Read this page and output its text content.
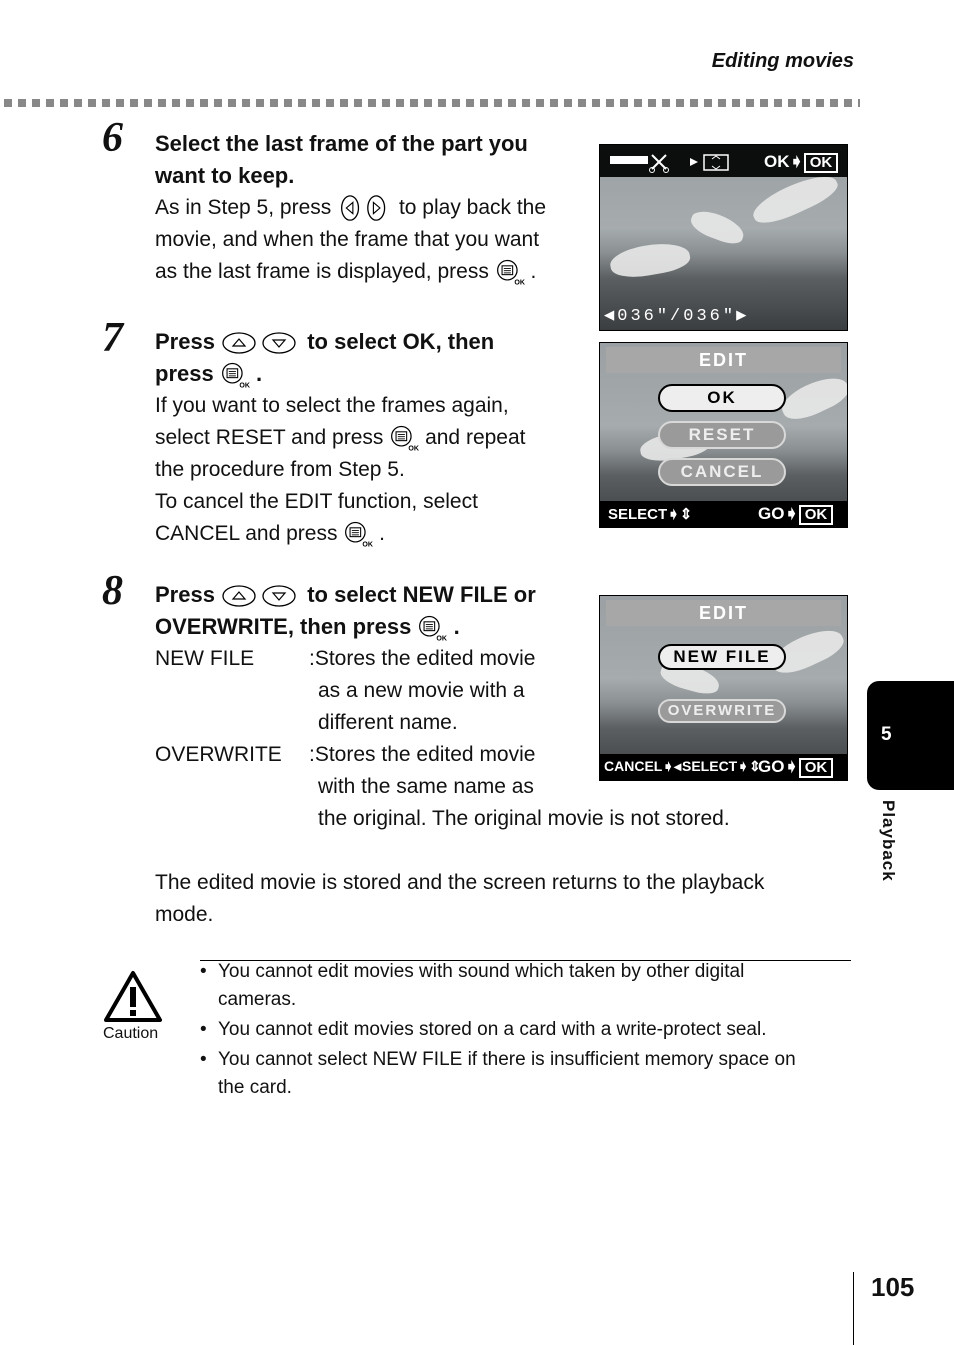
Editing movies
6 Select the last frame of the part you
want to keep.
As in Step 5, press	to play back the
movie, and when the frame that you want
as the last frame is displayed, press
OK
.
OK➧ OK
◀036"/036"▶
7 Press	to select OK, then
press
OK
.
If you want to select the frames again,
select RESET and press
OK
and repeat
the procedure from Step 5.
To cancel the EDIT function, select
CANCEL and press
OK
.
EDIT
OK
RESET
CANCEL
SELECT➧⇕	GO➧ OK
8 Press	to select NEW FILE or
OVERWRITE, then press
OK
.
NEW FILE	:Stores the edited movie
as a new movie with a
different name.
OVERWRITE :Stores the edited movie
with the same name as
the original. The original movie is not stored.
EDIT
NEW FILE
OVERWRITE
CANCEL➧◂ SELECT➧⇕
GO➧ OK
The edited movie is stored and the screen returns to the playback
mode.
Caution
• You cannot edit movies with sound which taken by other digital
cameras.
• You cannot edit movies stored on a card with a write-protect seal.
• You cannot select NEW FILE if there is insufficient memory space on
the card.
5
Playback
105
